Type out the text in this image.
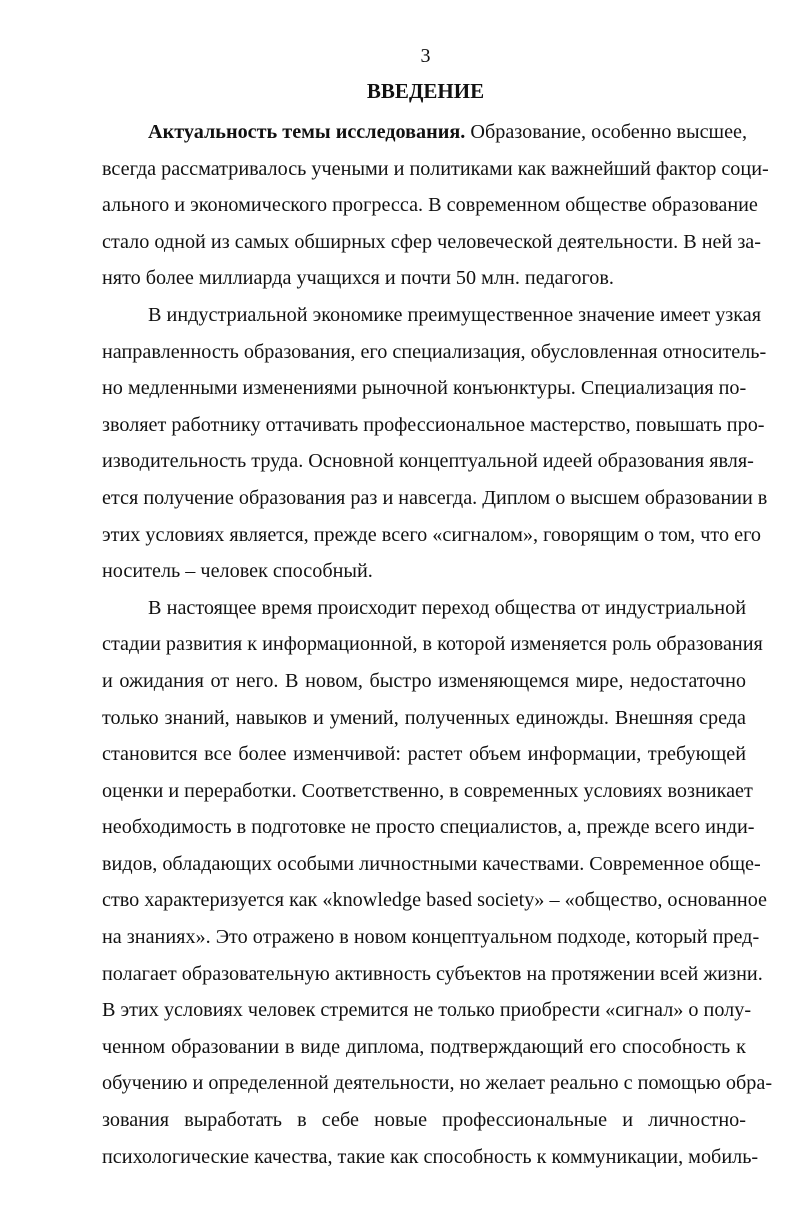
3
ВВЕДЕНИЕ
Актуальность темы исследования. Образование, особенно высшее,
всегда рассматривалось учеными и политиками как важнейший фактор соци-
ального и экономического прогресса. В современном обществе образование
стало одной из самых обширных сфер человеческой деятельности. В ней за-
нято более миллиарда учащихся и почти 50 млн. педагогов.
В индустриальной экономике преимущественное значение имеет узкая
направленность образования, его специализация, обусловленная относитель-
но медленными изменениями рыночной конъюнктуры. Специализация по-
зволяет работнику оттачивать профессиональное мастерство, повышать про-
изводительность труда. Основной концептуальной идеей образования явля-
ется получение образования раз и навсегда. Диплом о высшем образовании в
этих условиях является, прежде всего «сигналом», говорящим о том, что его
носитель – человек способный.
В настоящее время происходит переход общества от индустриальной
стадии развития к информационной, в которой изменяется роль образования
и ожидания от него. В новом, быстро изменяющемся мире, недостаточно
только знаний, навыков и умений, полученных единожды. Внешняя среда
становится все более изменчивой: растет объем информации, требующей
оценки и переработки. Соответственно, в современных условиях возникает
необходимость в подготовке не просто специалистов, а, прежде всего инди-
видов, обладающих особыми личностными качествами. Современное обще-
ство характеризуется как «knowledge based society» – «общество, основанное
на знаниях». Это отражено в новом концептуальном подходе, который пред-
полагает образовательную активность субъектов на протяжении всей жизни.
В этих условиях человек стремится не только приобрести «сигнал» о полу-
ченном образовании в виде диплома, подтверждающий его способность к
обучению и определенной деятельности, но желает реально с помощью обра-
зования выработать в себе новые профессиональные и личностно-
психологические качества, такие как способность к коммуникации, мобиль-
